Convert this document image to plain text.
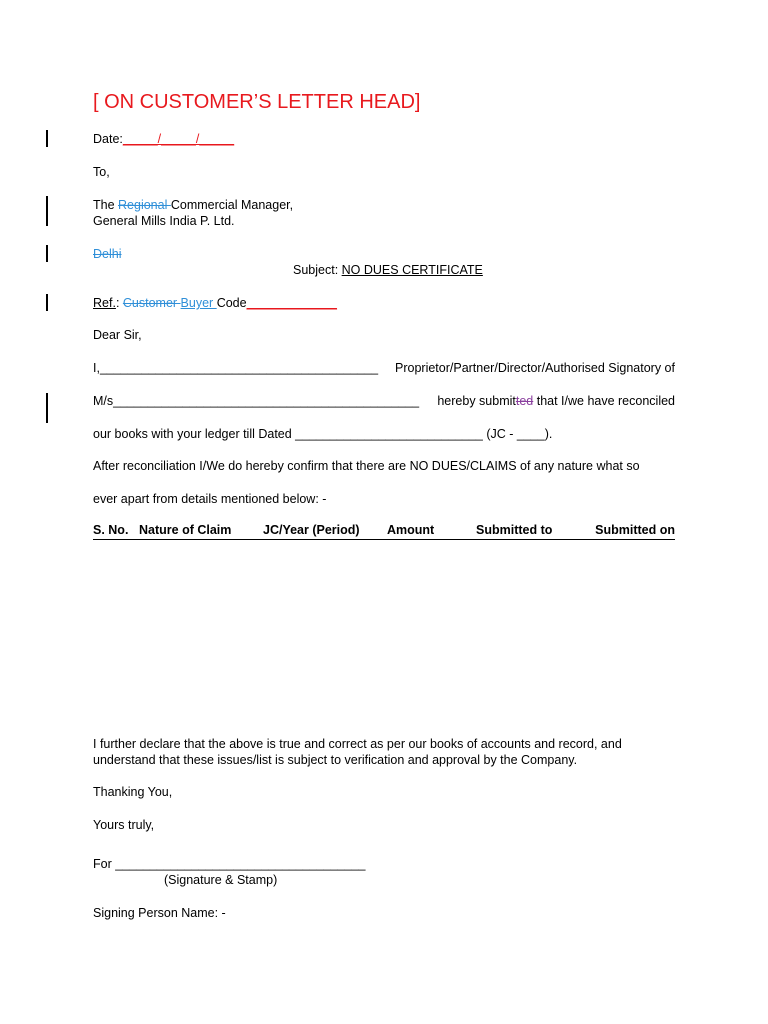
[ ON CUSTOMER’S LETTER HEAD]
Date:_____/_____/_____
To,
The Regional Commercial Manager,
General Mills India P. Ltd.
Delhi
Subject: NO DUES CERTIFICATE
Ref.: Customer Buyer Code_____________
Dear Sir,
I,________________________________________ Proprietor/Partner/Director/Authorised Signatory of
M/s____________________________________________ hereby submitted that I/we have reconciled
our books with your ledger till Dated ___________________________ (JC - ____).
After reconciliation I/We do hereby confirm that there are NO DUES/CLAIMS of any nature what so
ever apart from details mentioned below: -
S. No. Nature of Claim	JC/Year (Period) Amount	Submitted to	Submitted on
I further declare that the above is true and correct as per our books of accounts and record, and
understand that these issues/list is subject to verification and approval by the Company.
Thanking You,
Yours truly,
For ____________________________________
(Signature & Stamp)
Signing Person Name: -
